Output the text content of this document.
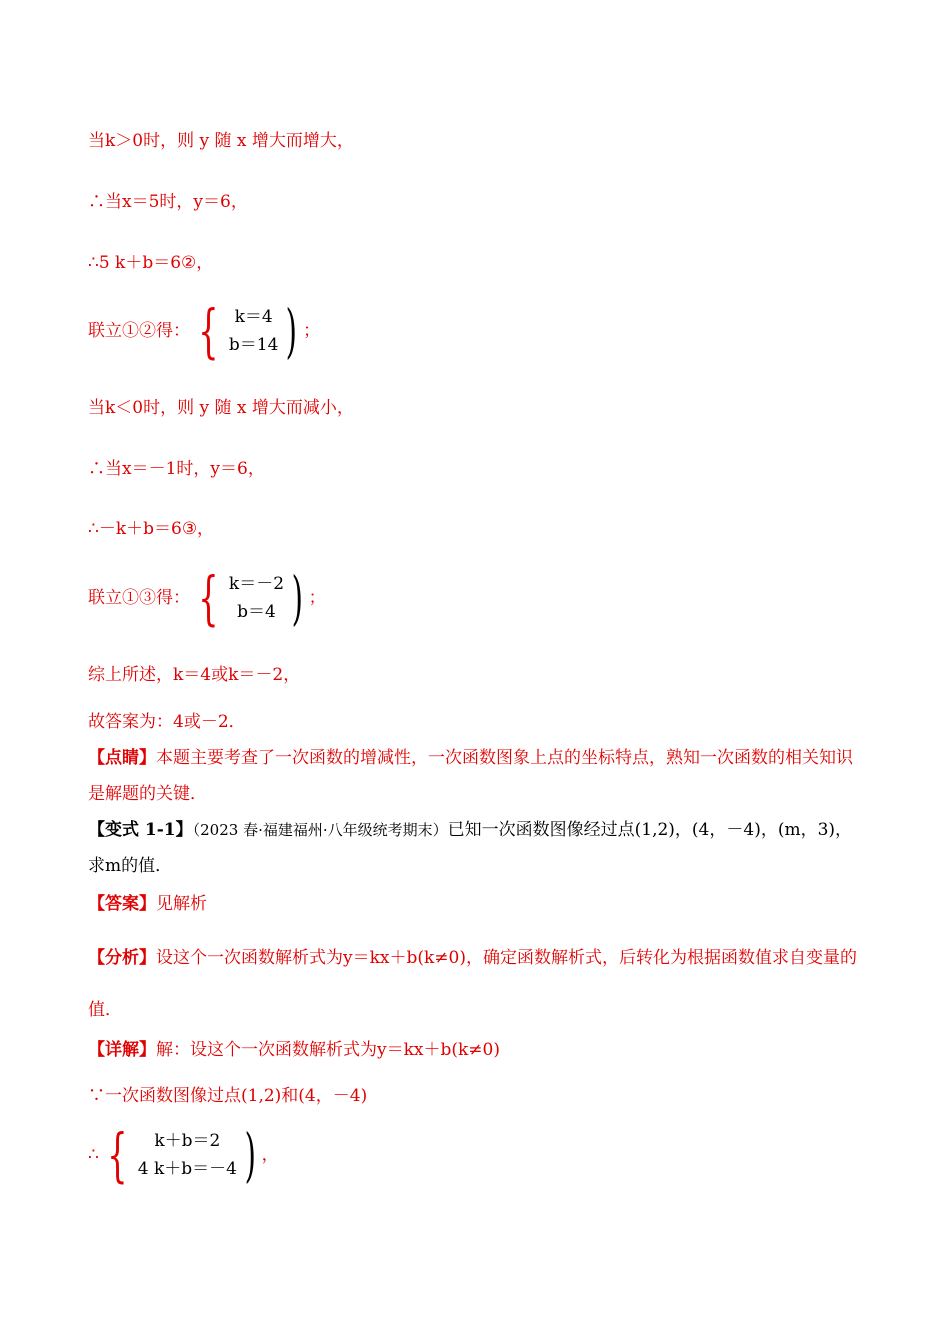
当k＞0时，则 y 随 x 增大而增大，
∴当x＝5时，y＝6，
∴5 k＋b＝6②，
联立①②得： { k＝4
b＝14 ) ；
当k＜0时，则 y 随 x 增大而减小，
∴当x＝－1时，y＝6，
∴－k＋b＝6③，
联立①③得： { k＝－2
b＝4 ) ；
综上所述，k＝4或k＝－2，
故答案为：4或－2．
【点睛】本题主要考查了一次函数的增减性，一次函数图象上点的坐标特点，熟知一次函数的相关知识是解题的关键．
【变式 1-1】（2023 春·福建福州·八年级统考期末）已知一次函数图像经过点(1,2)，(4，－4)，(m，3)，求m的值．
【答案】见解析
【分析】设这个一次函数解析式为y＝kx＋b(k≠0)，确定函数解析式，后转化为根据函数值求自变量的值．
【详解】解：设这个一次函数解析式为y＝kx＋b(k≠0)
∵一次函数图像过点(1,2)和(4，－4)
∴ {	k＋b＝2
4 k＋b＝－4 ) ，
